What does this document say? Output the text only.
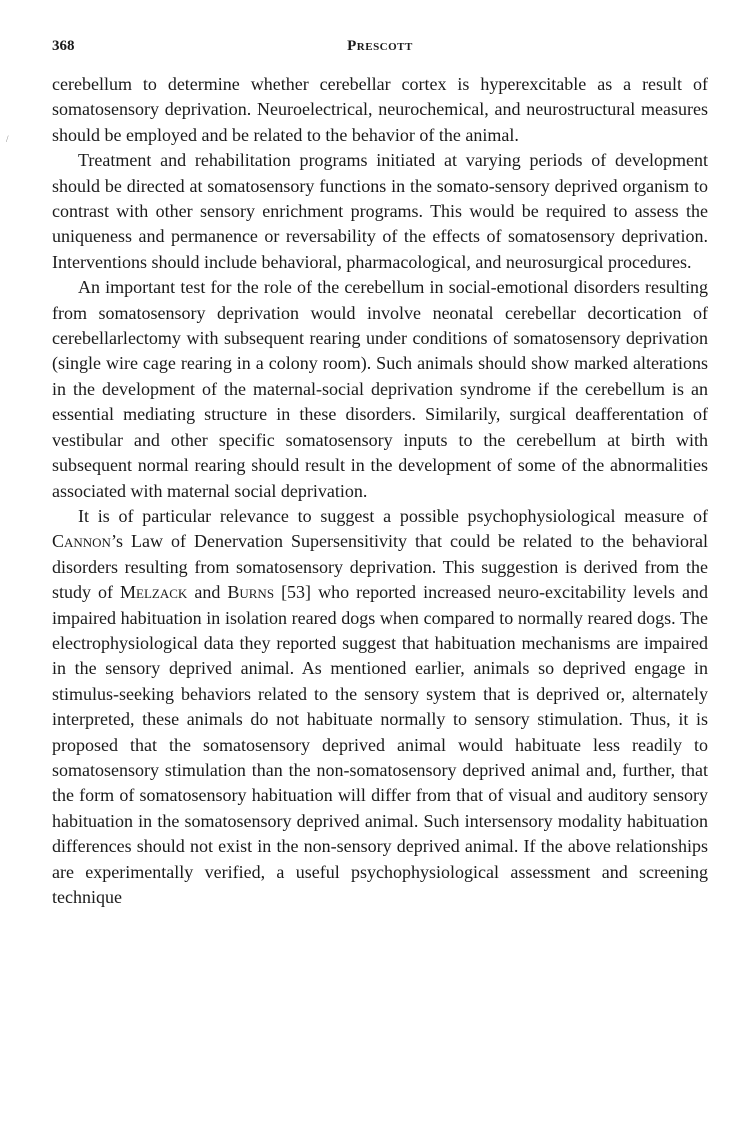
368	Prescott
/

cerebellum to determine whether cerebellar cortex is hyperexcitable as a result of somatosensory deprivation. Neuroelectrical, neurochemical, and neurostructural measures should be employed and be related to the behavior of the animal.

Treatment and rehabilitation programs initiated at varying periods of development should be directed at somatosensory functions in the somato-sensory deprived organism to contrast with other sensory enrichment programs. This would be required to assess the uniqueness and permanence or reversability of the effects of somatosensory deprivation. Interventions should include behavioral, pharmacological, and neurosurgical procedures.

An important test for the role of the cerebellum in social-emotional disorders resulting from somatosensory deprivation would involve neonatal cerebellar decortication of cerebellarlectomy with subsequent rearing under conditions of somatosensory deprivation (single wire cage rearing in a colony room). Such animals should show marked alterations in the development of the maternal-social deprivation syndrome if the cerebellum is an essential mediating structure in these disorders. Similarily, surgical deafferentation of vestibular and other specific somatosensory inputs to the cerebellum at birth with subsequent normal rearing should result in the development of some of the abnormalities associated with maternal social deprivation.

It is of particular relevance to suggest a possible psychophysiological measure of Cannon’s Law of Denervation Supersensitivity that could be related to the behavioral disorders resulting from somatosensory deprivation. This suggestion is derived from the study of Melzack and Burns [53] who reported increased neuro-excitability levels and impaired habituation in isolation reared dogs when compared to normally reared dogs. The electrophysiological data they reported suggest that habituation mechanisms are impaired in the sensory deprived animal. As mentioned earlier, animals so deprived engage in stimulus-seeking behaviors related to the sensory system that is deprived or, alternately interpreted, these animals do not habituate normally to sensory stimulation. Thus, it is proposed that the somatosensory deprived animal would habituate less readily to somatosensory stimulation than the non-somatosensory deprived animal and, further, that the form of somatosensory habituation will differ from that of visual and auditory sensory habituation in the somatosensory deprived animal. Such intersensory modality habituation differences should not exist in the non-sensory deprived animal. If the above relationships are experimentally verified, a useful psychophysiological assessment and screening technique
